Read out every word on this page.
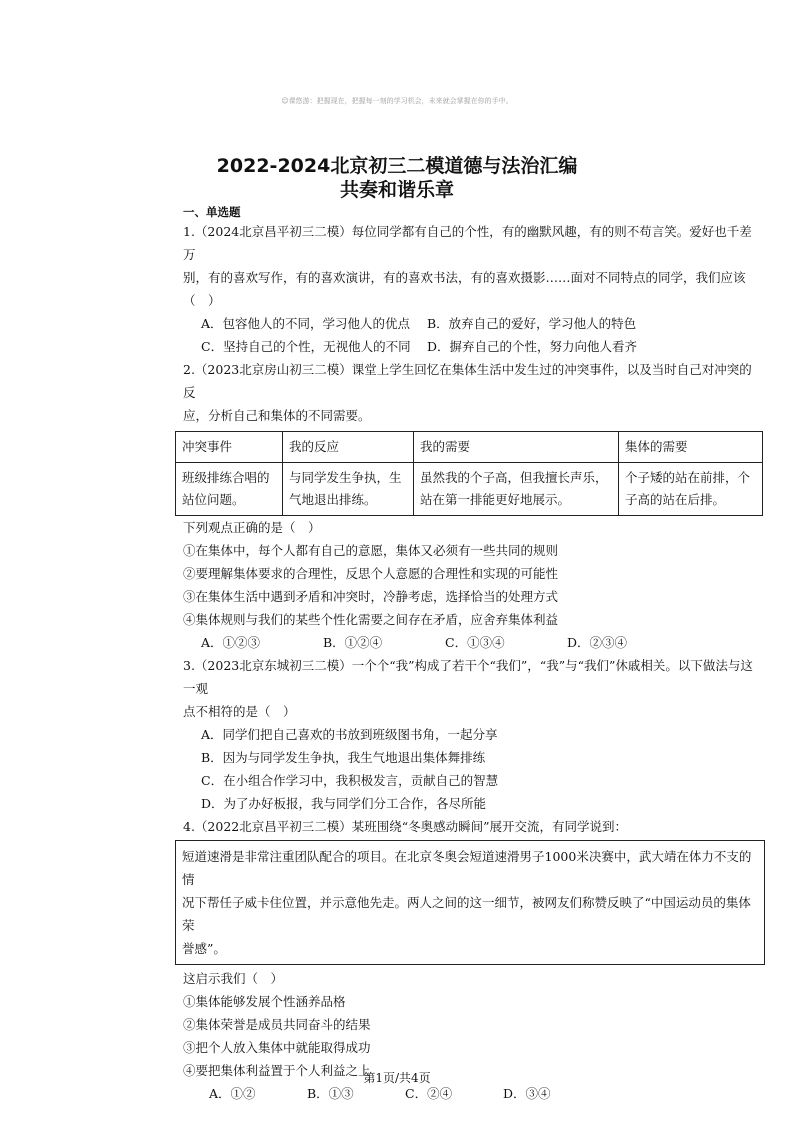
☺课悠游：把握现在，把握每一刻的学习机会，未来就会掌握在你的手中。
2022-2024北京初三二模道德与法治汇编
共奏和谐乐章
一、单选题
1.（2024北京昌平初三二模）每位同学都有自己的个性，有的幽默风趣，有的则不苟言笑。爱好也千差万
别，有的喜欢写作，有的喜欢演讲，有的喜欢书法，有的喜欢摄影……面对不同特点的同学，我们应该（　）
A．包容他人的不同，学习他人的优点	B．放弃自己的爱好，学习他人的特色
C．坚持自己的个性，无视他人的不同	D．摒弃自己的个性，努力向他人看齐
2.（2023北京房山初三二模）课堂上学生回忆在集体生活中发生过的冲突事件，以及当时自己对冲突的反
应，分析自己和集体的不同需要。
冲突事件	我的反应	我的需要	集体的需要
班级排练合唱的站位问题。	与同学发生争执，生气地退出排练。	虽然我的个子高，但我擅长声乐，站在第一排能更好地展示。	个子矮的站在前排，个子高的站在后排。
下列观点正确的是（　）
①在集体中，每个人都有自己的意愿，集体又必须有一些共同的规则
②要理解集体要求的合理性，反思个人意愿的合理性和实现的可能性
③在集体生活中遇到矛盾和冲突时，冷静考虑，选择恰当的处理方式
④集体规则与我们的某些个性化需要之间存在矛盾，应舍弃集体利益
A．①②③	B．①②④	C．①③④	D．②③④
3.（2023北京东城初三二模）一个个“我”构成了若干个“我们”，“我”与“我们”休戚相关。以下做法与这一观
点不相符的是（　）
A．同学们把自己喜欢的书放到班级图书角，一起分享
B．因为与同学发生争执，我生气地退出集体舞排练
C．在小组合作学习中，我积极发言，贡献自己的智慧
D．为了办好板报，我与同学们分工合作，各尽所能
4.（2022北京昌平初三二模）某班围绕“冬奥感动瞬间”展开交流，有同学说到：
短道速滑是非常注重团队配合的项目。在北京冬奥会短道速滑男子1000米决赛中，武大靖在体力不支的情
况下帮任子威卡住位置，并示意他先走。两人之间的这一细节，被网友们称赞反映了“中国运动员的集体荣
誉感”。
这启示我们（　）
①集体能够发展个性涵养品格
②集体荣誉是成员共同奋斗的结果
③把个人放入集体中就能取得成功
④要把集体利益置于个人利益之上
A．①②	B．①③	C．②④	D．③④
第1页/共4页
